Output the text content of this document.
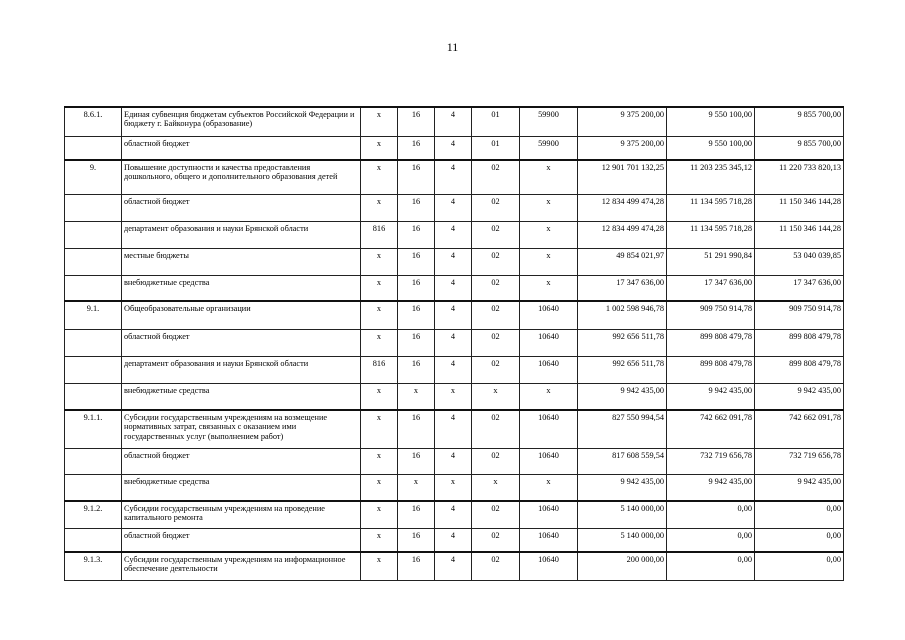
11
8.6.1.	Единая субвенция бюджетам субъектов Российской Федерации и бюджету г. Байконура (образование)	x	16	4	01	59900	9 375 200,00	9 550 100,00	9 855 700,00
	областной бюджет	x	16	4	01	59900	9 375 200,00	9 550 100,00	9 855 700,00
9.	Повышение доступности и качества предоставления дошкольного, общего и дополнительного образования детей	x	16	4	02	x	12 901 701 132,25	11 203 235 345,12	11 220 733 820,13
	областной бюджет	x	16	4	02	x	12 834 499 474,28	11 134 595 718,28	11 150 346 144,28
	департамент образования и науки Брянской области	816	16	4	02	x	12 834 499 474,28	11 134 595 718,28	11 150 346 144,28
	местные бюджеты	x	16	4	02	x	49 854 021,97	51 291 990,84	53 040 039,85
	внебюджетные средства	x	16	4	02	x	17 347 636,00	17 347 636,00	17 347 636,00
9.1.	Общеобразовательные организации	x	16	4	02	10640	1 002 598 946,78	909 750 914,78	909 750 914,78
	областной бюджет	x	16	4	02	10640	992 656 511,78	899 808 479,78	899 808 479,78
	департамент образования и науки Брянской области	816	16	4	02	10640	992 656 511,78	899 808 479,78	899 808 479,78
	внебюджетные средства	x	x	x	x	x	9 942 435,00	9 942 435,00	9 942 435,00
9.1.1.	Субсидии государственным учреждениям на возмещение нормативных затрат, связанных с оказанием ими государственных услуг (выполнением работ)	x	16	4	02	10640	827 550 994,54	742 662 091,78	742 662 091,78
	областной бюджет	x	16	4	02	10640	817 608 559,54	732 719 656,78	732 719 656,78
	внебюджетные средства	x	x	x	x	x	9 942 435,00	9 942 435,00	9 942 435,00
9.1.2.	Субсидии государственным учреждениям на проведение капитального ремонта	x	16	4	02	10640	5 140 000,00	0,00	0,00
	областной бюджет	x	16	4	02	10640	5 140 000,00	0,00	0,00
9.1.3.	Субсидии государственным учреждениям на информационное обеспечение деятельности	x	16	4	02	10640	200 000,00	0,00	0,00
